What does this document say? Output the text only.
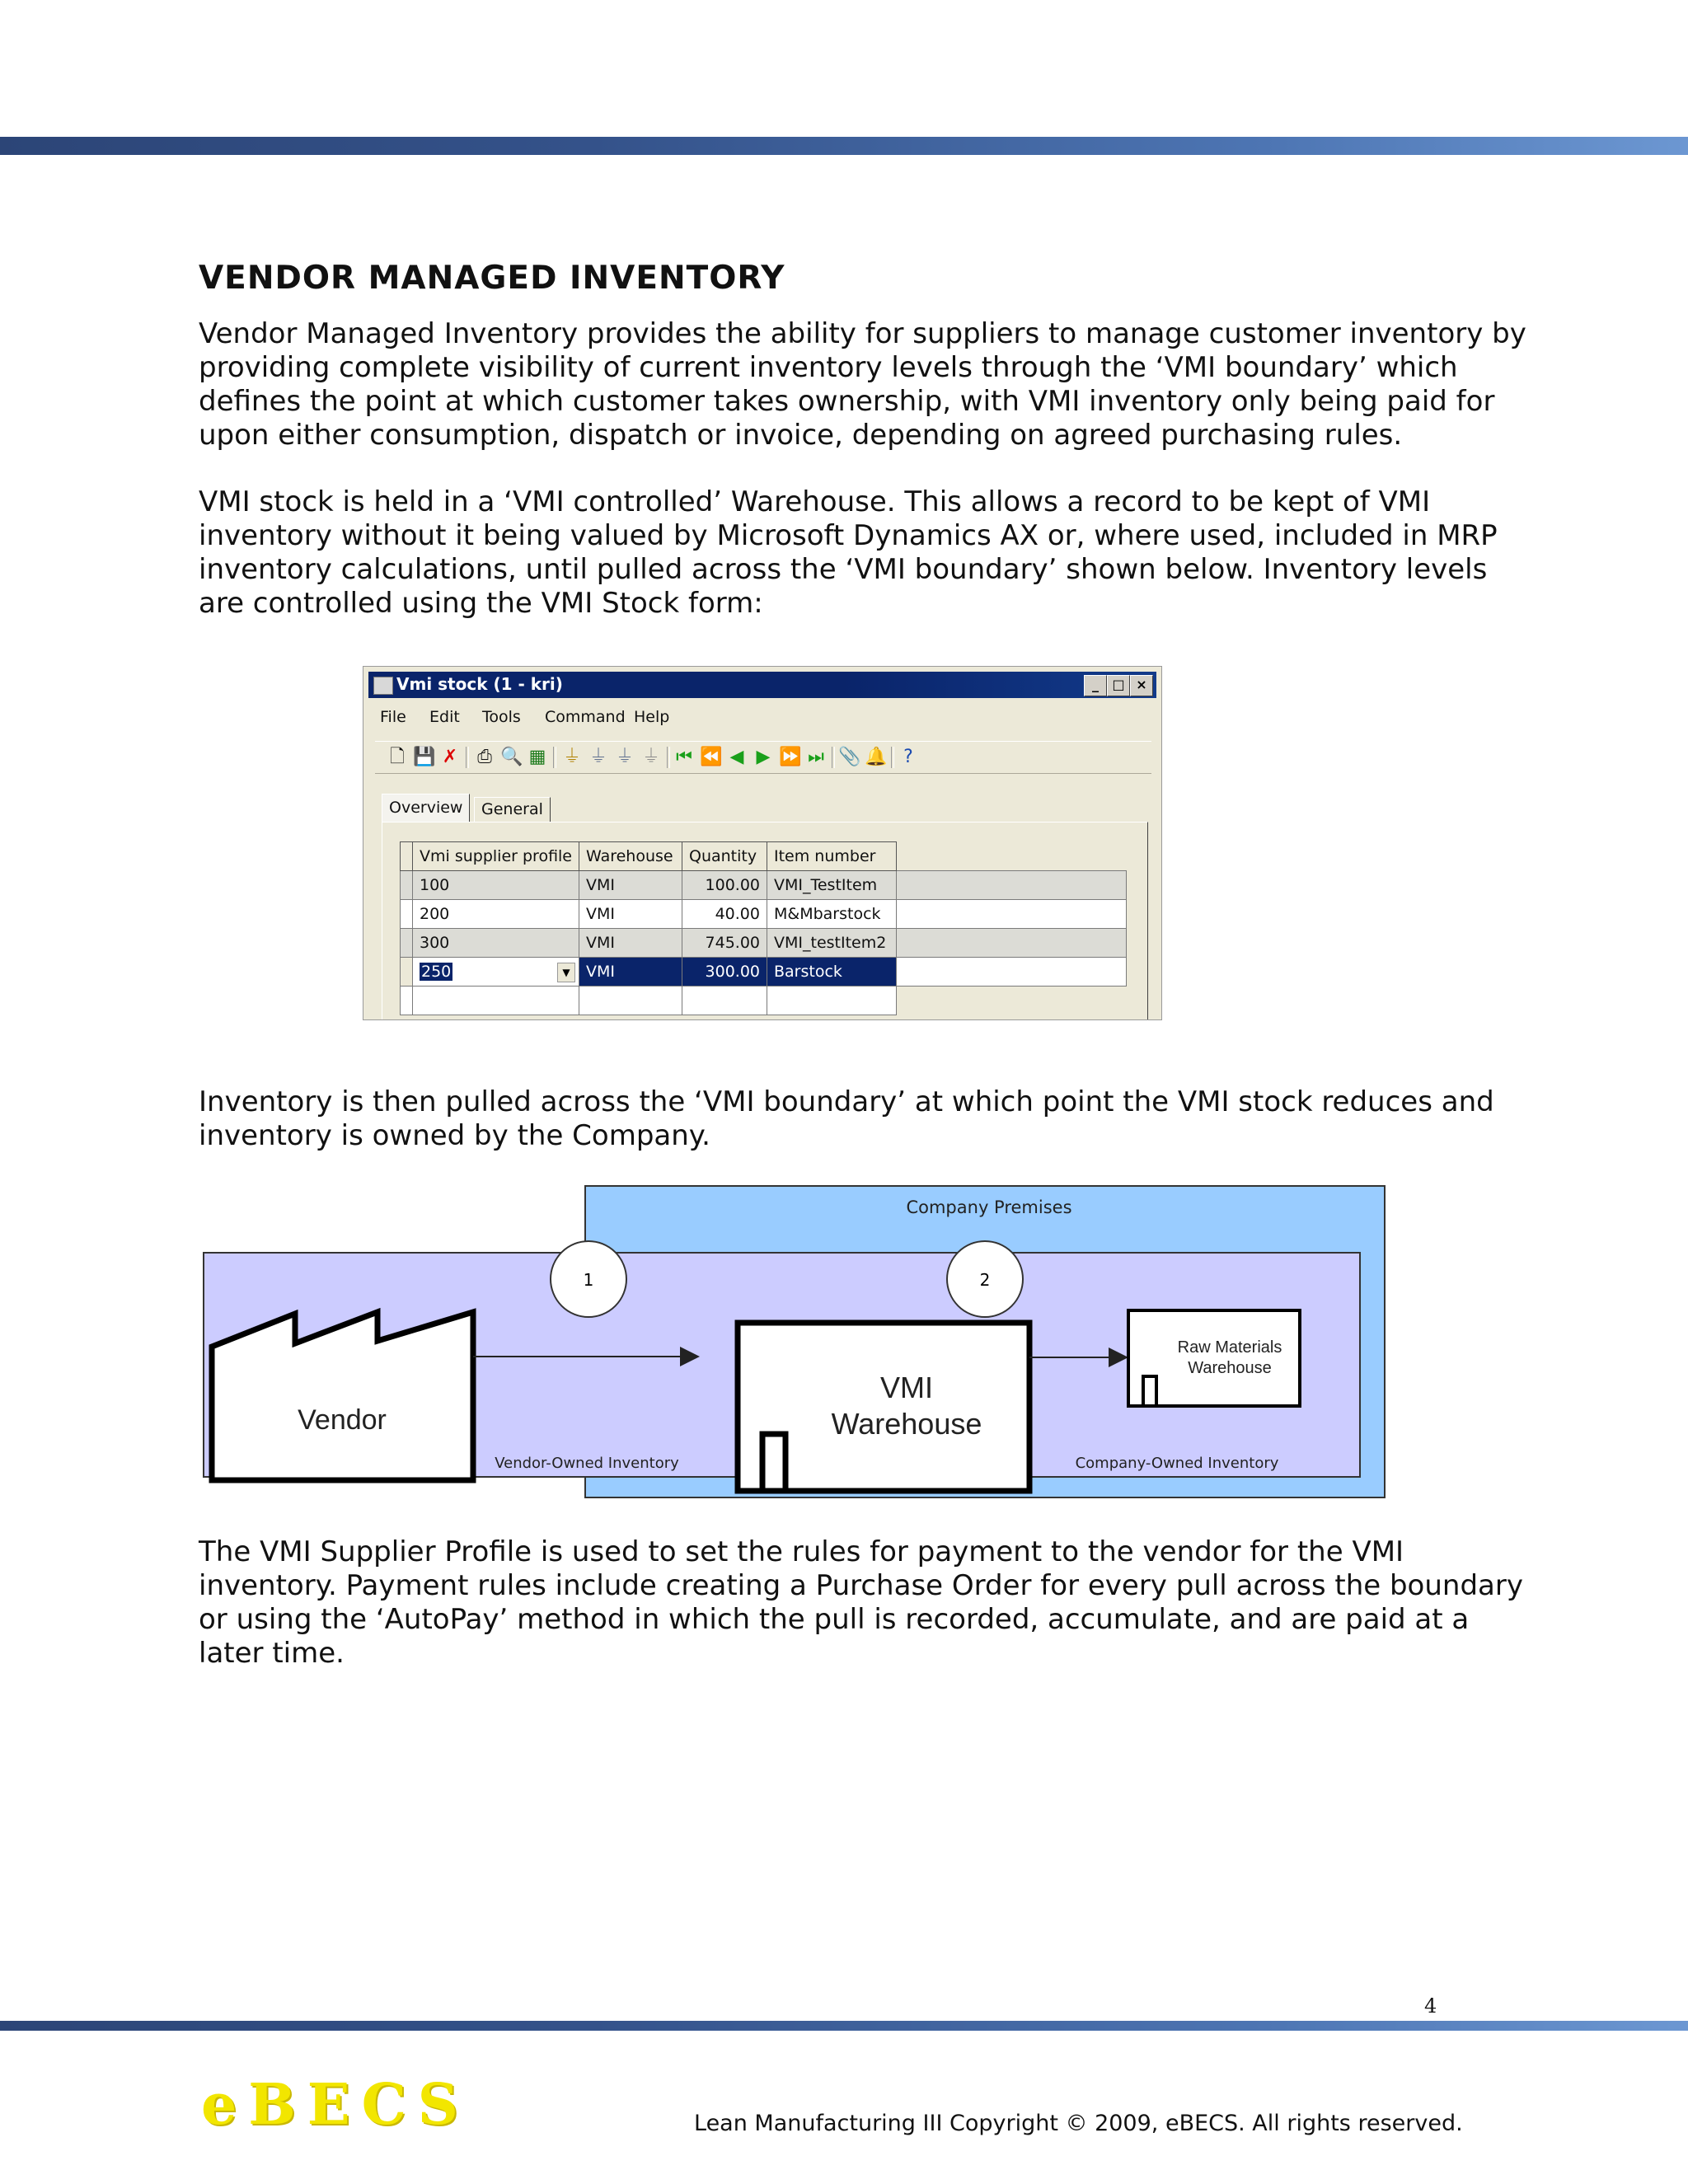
VENDOR MANAGED INVENTORY

Vendor Managed Inventory provides the ability for suppliers to manage customer inventory by providing complete visibility of current inventory levels through the ‘VMI boundary’ which defines the point at which customer takes ownership, with VMI inventory only being paid for upon either consumption, dispatch or invoice, depending on agreed purchasing rules.

VMI stock is held in a ‘VMI controlled’ Warehouse. This allows a record to be kept of VMI inventory without it being valued by Microsoft Dynamics AX or, where used, included in MRP inventory calculations, until pulled across the ‘VMI boundary’ shown below. Inventory levels are controlled using the VMI Stock form:

Vmi stock (1 - kri)	_	□ ×
File Edit Tools Command Help
🗋 💾 ✗ ⎙ 🔍 ▦ ⏚ ⏚ ⏚ ⏚ ⏮ ⏪ ◀ ▶ ⏩ ⏭ 📎 🔔 ?
Overview	General
	Vmi supplier profile	Warehouse	Quantity	Item number	
	100	VMI	100.00	VMI_TestItem	
	200	VMI	40.00	M&Mbarstock	
	300	VMI	745.00	VMI_testItem2	
	250 ▼	VMI	300.00	Barstock	

Inventory is then pulled across the ‘VMI boundary’ at which point the VMI stock reduces and inventory is owned by the Company.

Company Premises
Vendor
1
VMI
Warehouse
2
Raw Materials
Warehouse
Vendor-Owned Inventory	Company-Owned Inventory

The VMI Supplier Profile is used to set the rules for payment to the vendor for the VMI inventory. Payment rules include creating a Purchase Order for every pull across the boundary or using the ‘AutoPay’ method in which the pull is recorded, accumulate, and are paid at a later time.

4
eBECS	Lean Manufacturing III Copyright © 2009, eBECS. All rights reserved.
